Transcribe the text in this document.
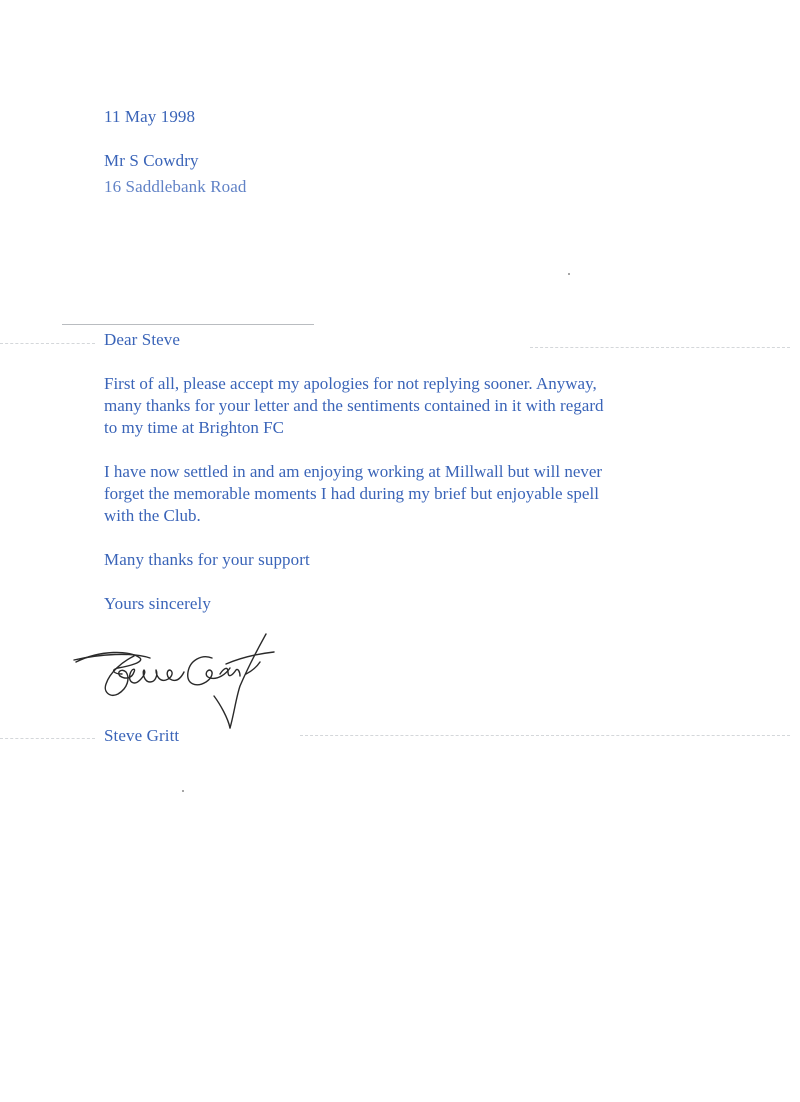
11 May 1998
Mr S Cowdry
16 Saddlebank Road
Dear Steve
First of all, please accept my apologies for not replying sooner. Anyway,
many thanks for your letter and the sentiments contained in it with regard
to my time at Brighton FC
I have now settled in and am enjoying working at Millwall but will never
forget the memorable moments I had during my brief but enjoyable spell
with the Club.
Many thanks for your support
Yours sincerely
Steve Gritt
